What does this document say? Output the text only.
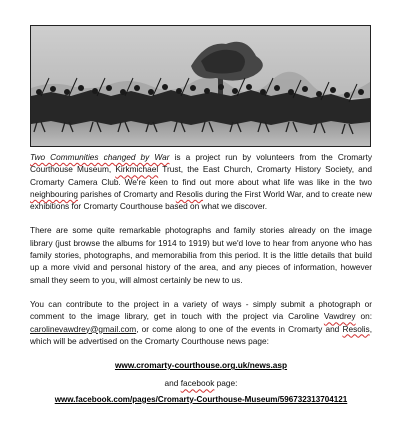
Two Communities changed by War is a project run by volunteers from the Cromarty Courthouse Museum, Kirkmichael Trust, the East Church, Cromarty History Society, and Cromarty Camera Club. We're keen to find out more about what life was like in the two neighbouring parishes of Cromarty and Resolis during the First World War, and to create new exhibitions for Cromarty Courthouse based on what we discover.

There are some quite remarkable photographs and family stories already on the image library (just browse the albums for 1914 to 1919) but we'd love to hear from anyone who has family stories, photographs, and memorabilia from this period. It is the little details that build up a more vivid and personal history of the area, and any pieces of information, however small they seem to you, will almost certainly be new to us.

You can contribute to the project in a variety of ways - simply submit a photograph or comment to the image library, get in touch with the project via Caroline Vawdrey on: carolinevawdrey@gmail.com, or come along to one of the events in Cromarty and Resolis, which will be advertised on the Cromarty Courthouse news page:

www.cromarty-courthouse.org.uk/news.asp

and facebook page:

www.facebook.com/pages/Cromarty-Courthouse-Museum/596732313704121
